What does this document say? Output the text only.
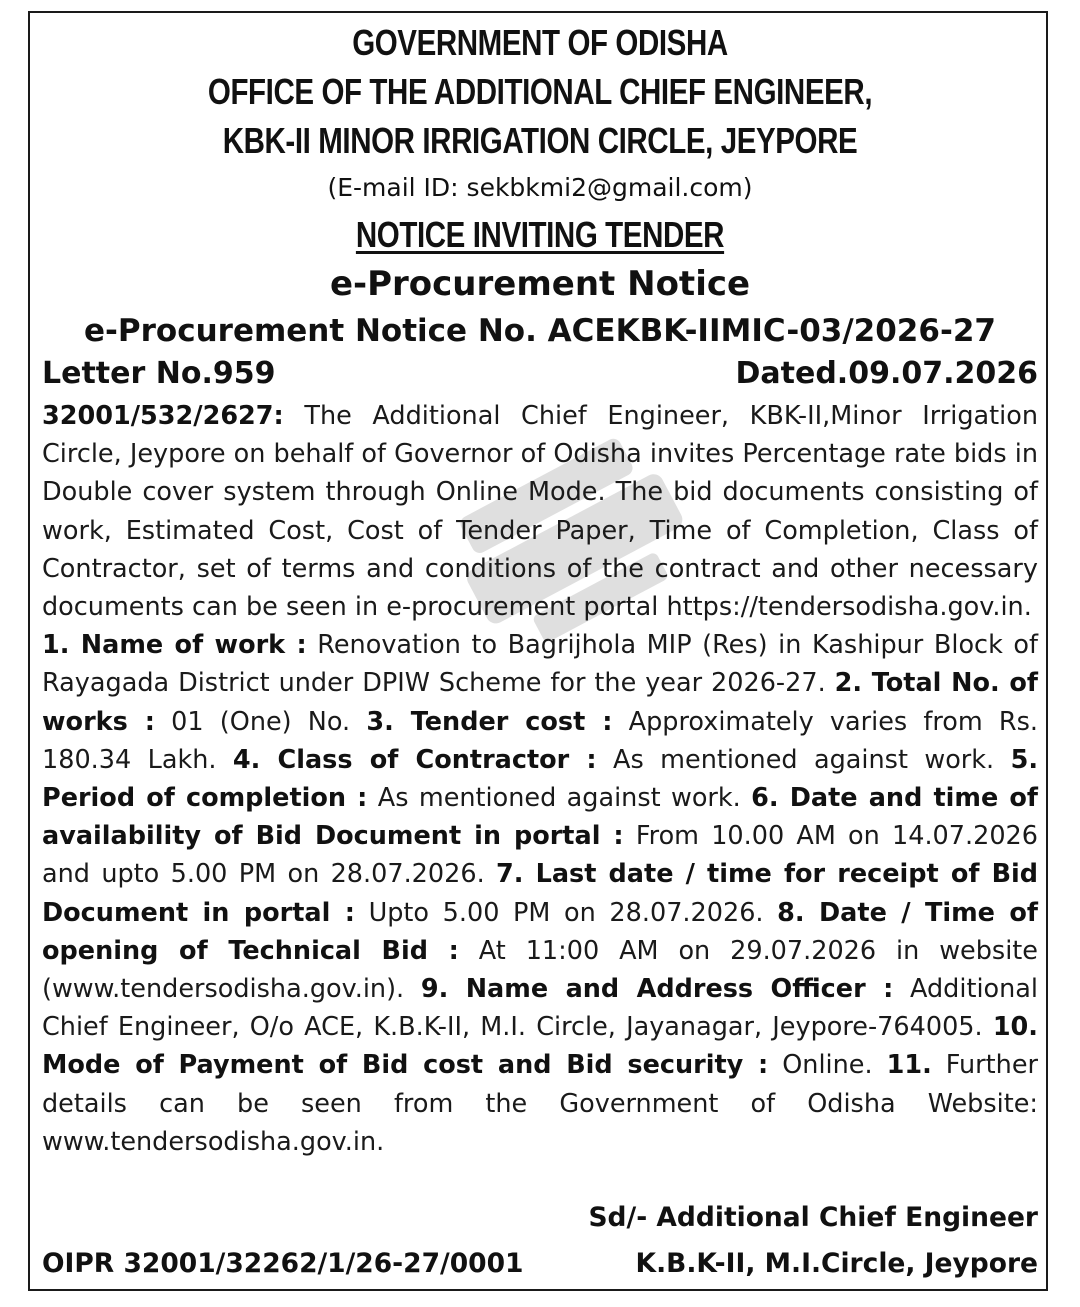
GOVERNMENT OF ODISHA
OFFICE OF THE ADDITIONAL CHIEF ENGINEER,
KBK-II MINOR IRRIGATION CIRCLE, JEYPORE
(E-mail ID: sekbkmi2@gmail.com)
NOTICE INVITING TENDER
e-Procurement Notice
e-Procurement Notice No. ACEKBK-IIMIC-03/2026-27
Letter No.959	Dated.09.07.2026

32001/532/2627: The Additional Chief Engineer, KBK-II,Minor Irrigation Circle, Jeypore on behalf of Governor of Odisha invites Percentage rate bids in Double cover system through Online Mode. The bid documents consisting of work, Estimated Cost, Cost of Tender Paper, Time of Completion, Class of Contractor, set of terms and conditions of the contract and other necessary documents can be seen in e-procurement portal https://tendersodisha.gov.in.

1. Name of work : Renovation to Bagrijhola MIP (Res) in Kashipur Block of Rayagada District under DPIW Scheme for the year 2026-27. 2. Total No. of works : 01 (One) No. 3. Tender cost : Approximately varies from Rs. 180.34 Lakh. 4. Class of Contractor : As mentioned against work. 5. Period of completion : As mentioned against work. 6. Date and time of availability of Bid Document in portal : From 10.00 AM on 14.07.2026 and upto 5.00 PM on 28.07.2026. 7. Last date / time for receipt of Bid Document in portal : Upto 5.00 PM on 28.07.2026. 8. Date / Time of opening of Technical Bid : At 11:00 AM on 29.07.2026 in website (www.tendersodisha.gov.in). 9. Name and Address Officer : Additional Chief Engineer, O/o ACE, K.B.K-II, M.I. Circle, Jayanagar, Jeypore-764005. 10. Mode of Payment of Bid cost and Bid security : Online. 11. Further details can be seen from the Government of Odisha Website: www.tendersodisha.gov.in.

Sd/- Additional Chief Engineer
OIPR 32001/32262/1/26-27/0001	K.B.K-II, M.I.Circle, Jeypore
